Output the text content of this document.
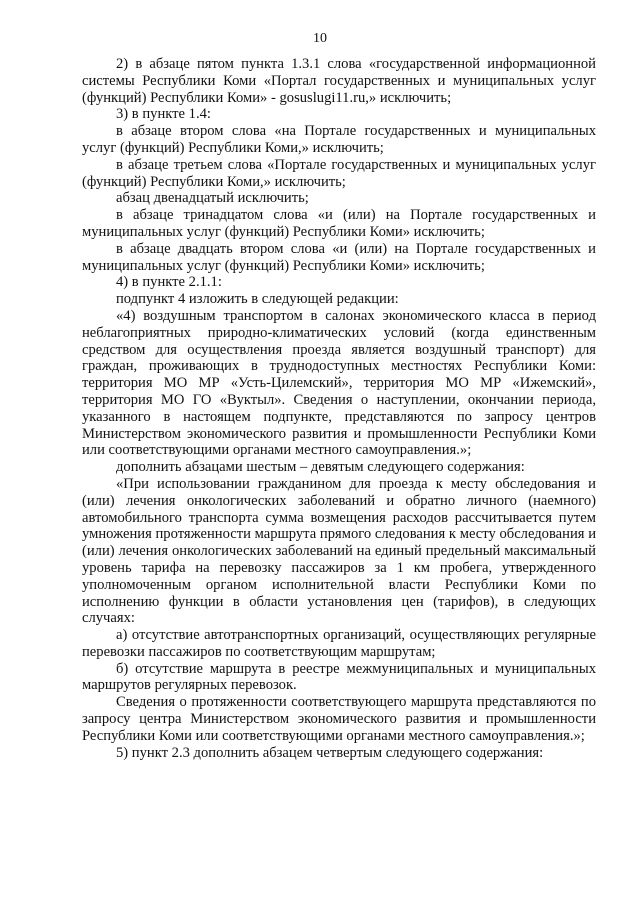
10

2) в абзаце пятом пункта 1.3.1 слова «государственной информационной системы Республики Коми «Портал государственных и муниципальных услуг (функций) Республики Коми» - gosuslugi11.ru,» исключить;

3) в пункте 1.4:

в абзаце втором слова «на Портале государственных и муниципальных услуг (функций) Республики Коми,» исключить;

в абзаце третьем слова «Портале государственных и муниципальных услуг (функций) Республики Коми,» исключить;

абзац двенадцатый исключить;

в абзаце тринадцатом слова «и (или) на Портале государственных и муниципальных услуг (функций) Республики Коми» исключить;

в абзаце двадцать втором слова «и (или) на Портале государственных и муниципальных услуг (функций) Республики Коми» исключить;

4) в пункте 2.1.1:

подпункт 4 изложить в следующей редакции:

«4) воздушным транспортом в салонах экономического класса в период неблагоприятных природно-климатических условий (когда единственным средством для осуществления проезда является воздушный транспорт) для граждан, проживающих в труднодоступных местностях Республики Коми: территория МО МР «Усть-Цилемский», территория МО МР «Ижемский», территория МО ГО «Вуктыл». Сведения о наступлении, окончании периода, указанного в настоящем подпункте, представляются по запросу центров Министерством экономического развития и промышленности Республики Коми или соответствующими органами местного самоуправления.»;

дополнить абзацами шестым – девятым следующего содержания:

«При использовании гражданином для проезда к месту обследования и (или) лечения онкологических заболеваний и обратно личного (наемного) автомобильного транспорта сумма возмещения расходов рассчитывается путем умножения протяженности маршрута прямого следования к месту обследования и (или) лечения онкологических заболеваний на единый предельный максимальный уровень тарифа на перевозку пассажиров за 1 км пробега, утвержденного уполномоченным органом исполнительной власти Республики Коми по исполнению функции в области установления цен (тарифов), в следующих случаях:

а) отсутствие автотранспортных организаций, осуществляющих регулярные перевозки пассажиров по соответствующим маршрутам;

б) отсутствие маршрута в реестре межмуниципальных и муниципальных маршрутов регулярных перевозок.

Сведения о протяженности соответствующего маршрута представляются по запросу центра Министерством экономического развития и промышленности Республики Коми или соответствующими органами местного самоуправления.»;

5) пункт 2.3 дополнить абзацем четвертым следующего содержания:
